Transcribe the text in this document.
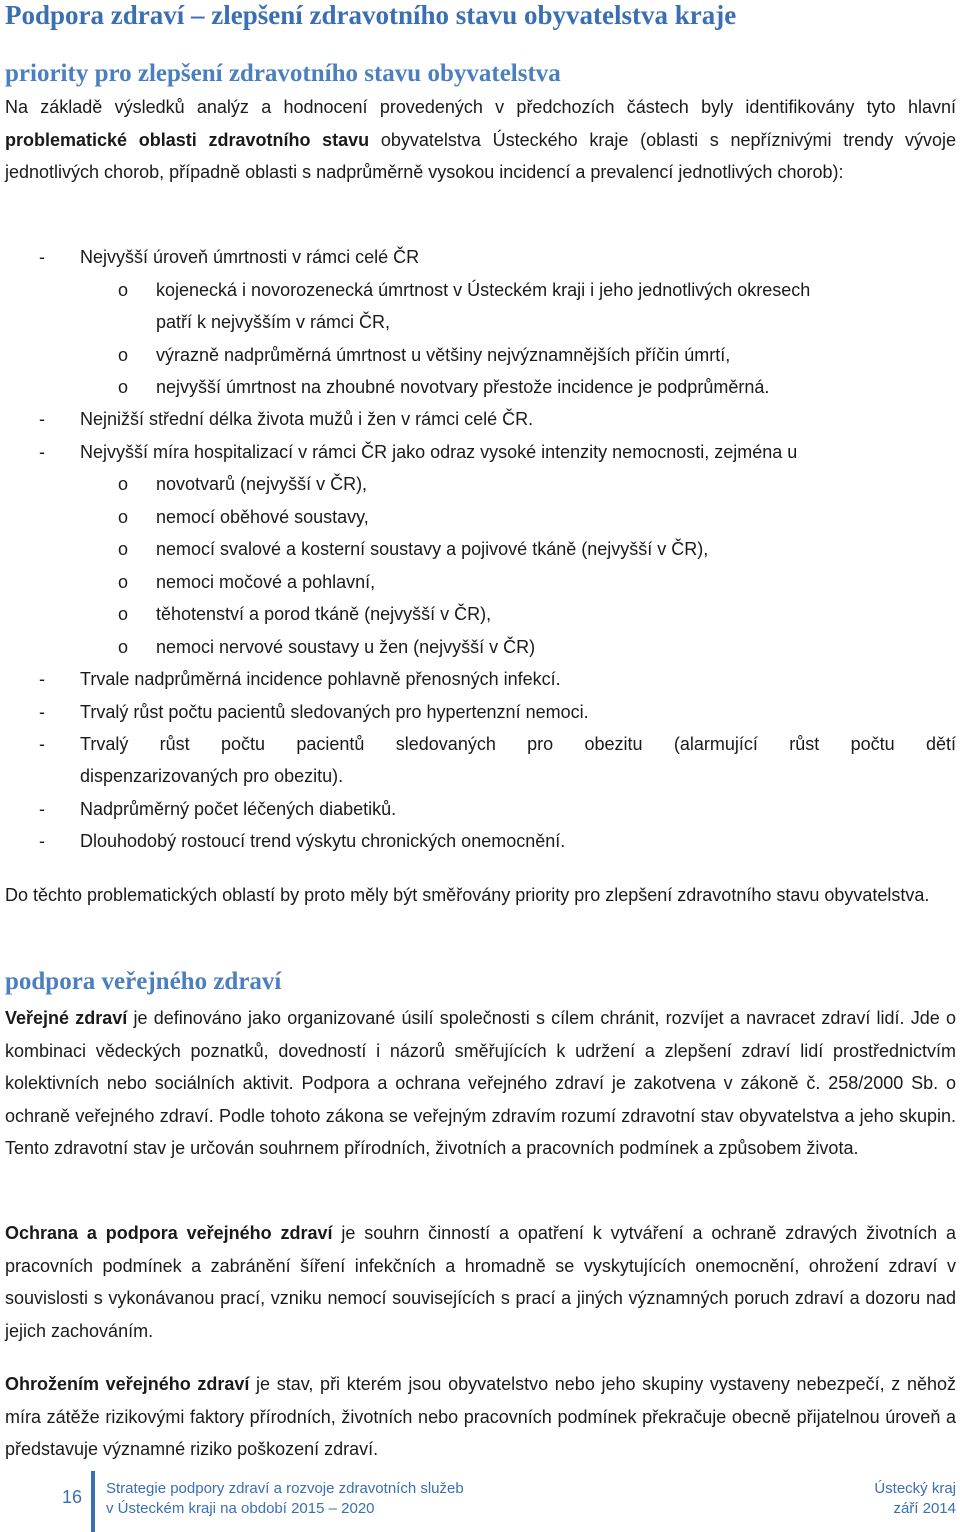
Podpora zdraví – zlepšení zdravotního stavu obyvatelstva kraje
priority pro zlepšení zdravotního stavu obyvatelstva

Na základě výsledků analýz a hodnocení provedených v předchozích částech byly identifikovány tyto hlavní problematické oblasti zdravotního stavu obyvatelstva Ústeckého kraje (oblasti s nepříznivými trendy vývoje jednotlivých chorob, případně oblasti s nadprůměrně vysokou incidencí a prevalencí jednotlivých chorob):

- Nejvyšší úroveň úmrtnosti v rámci celé ČR
o kojenecká i novorozenecká úmrtnost v Ústeckém kraji i jeho jednotlivých okresech
patří k nejvyšším v rámci ČR,
o výrazně nadprůměrná úmrtnost u většiny nejvýznamnějších příčin úmrtí,
o nejvyšší úmrtnost na zhoubné novotvary přestože incidence je podprůměrná.
- Nejnižší střední délka života mužů i žen v rámci celé ČR.
- Nejvyšší míra hospitalizací v rámci ČR jako odraz vysoké intenzity nemocnosti, zejména u
o novotvarů (nejvyšší v ČR),
o nemocí oběhové soustavy,
o nemocí svalové a kosterní soustavy a pojivové tkáně (nejvyšší v ČR),
o nemoci močové a pohlavní,
o těhotenství a porod tkáně (nejvyšší v ČR),
o nemoci nervové soustavy u žen (nejvyšší v ČR)
- Trvale nadprůměrná incidence pohlavně přenosných infekcí.
- Trvalý růst počtu pacientů sledovaných pro hypertenzní nemoci.
- Trvalý růst počtu pacientů sledovaných pro obezitu (alarmující růst počtu dětí
dispenzarizovaných pro obezitu).
- Nadprůměrný počet léčených diabetiků.
- Dlouhodobý rostoucí trend výskytu chronických onemocnění.

Do těchto problematických oblastí by proto měly být směřovány priority pro zlepšení zdravotního stavu obyvatelstva.

podpora veřejného zdraví

Veřejné zdraví je definováno jako organizované úsilí společnosti s cílem chránit, rozvíjet a navracet zdraví lidí. Jde o kombinaci vědeckých poznatků, dovedností i názorů směřujících k udržení a zlepšení zdraví lidí prostřednictvím kolektivních nebo sociálních aktivit. Podpora a ochrana veřejného zdraví je zakotvena v zákoně č. 258/2000 Sb. o ochraně veřejného zdraví. Podle tohoto zákona se veřejným zdravím rozumí zdravotní stav obyvatelstva a jeho skupin. Tento zdravotní stav je určován souhrnem přírodních, životních a pracovních podmínek a způsobem života.

Ochrana a podpora veřejného zdraví je souhrn činností a opatření k vytváření a ochraně zdravých životních a pracovních podmínek a zabránění šíření infekčních a hromadně se vyskytujících onemocnění, ohrožení zdraví v souvislosti s vykonávanou prací, vzniku nemocí souvisejících s prací a jiných významných poruch zdraví a dozoru nad jejich zachováním.

Ohrožením veřejného zdraví je stav, při kterém jsou obyvatelstvo nebo jeho skupiny vystaveny nebezpečí, z něhož míra zátěže rizikovými faktory přírodních, životních nebo pracovních podmínek překračuje obecně přijatelnou úroveň a představuje významné riziko poškození zdraví.

16 Strategie podpory zdraví a rozvoje zdravotních služeb
v Ústeckém kraji na období 2015 – 2020
Ústecký kraj
září 2014
